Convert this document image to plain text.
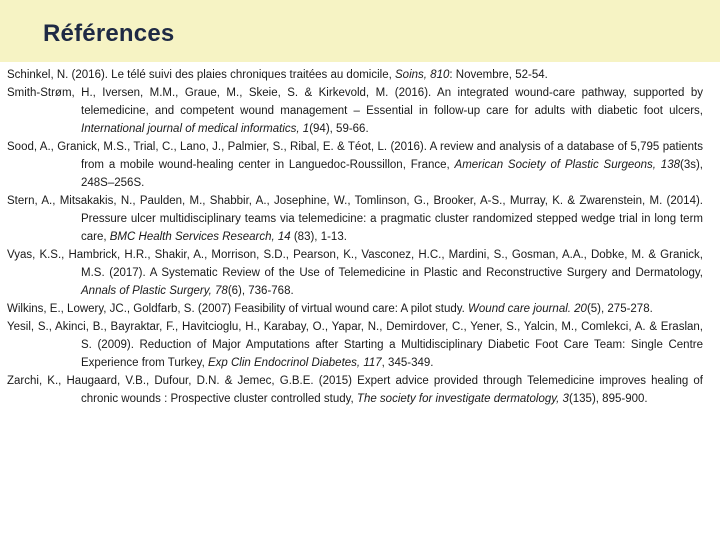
Références

Schinkel, N. (2016). Le télé suivi des plaies chroniques traitées au domicile, Soins, 810: Novembre, 52-54.

Smith-Strøm, H., Iversen, M.M., Graue, M., Skeie, S. & Kirkevold, M. (2016). An integrated wound-care pathway, supported by telemedicine, and competent wound management – Essential in follow-up care for adults with diabetic foot ulcers, International journal of medical informatics, 1(94), 59-66.

Sood, A., Granick, M.S., Trial, C., Lano, J., Palmier, S., Ribal, E. & Téot, L. (2016). A review and analysis of a database of 5,795 patients from a mobile wound-healing center in Languedoc-Roussillon, France, American Society of Plastic Surgeons, 138(3s), 248S–256S.

Stern, A., Mitsakakis, N., Paulden, M., Shabbir, A., Josephine, W., Tomlinson, G., Brooker, A-S., Murray, K. & Zwarenstein, M. (2014). Pressure ulcer multidisciplinary teams via telemedicine: a pragmatic cluster randomized stepped wedge trial in long term care, BMC Health Services Research, 14 (83), 1-13.

Vyas, K.S., Hambrick, H.R., Shakir, A., Morrison, S.D., Pearson, K., Vasconez, H.C., Mardini, S., Gosman, A.A., Dobke, M. & Granick, M.S. (2017). A Systematic Review of the Use of Telemedicine in Plastic and Reconstructive Surgery and Dermatology, Annals of Plastic Surgery, 78(6), 736-768.

Wilkins, E., Lowery, JC., Goldfarb, S. (2007) Feasibility of virtual wound care: A pilot study. Wound care journal. 20(5), 275-278.

Yesil, S., Akinci, B., Bayraktar, F., Havitcioglu, H., Karabay, O., Yapar, N., Demirdover, C., Yener, S., Yalcin, M., Comlekci, A. & Eraslan, S. (2009). Reduction of Major Amputations after Starting a Multidisciplinary Diabetic Foot Care Team: Single Centre Experience from Turkey, Exp Clin Endocrinol Diabetes, 117, 345-349.

Zarchi, K., Haugaard, V.B., Dufour, D.N. & Jemec, G.B.E. (2015) Expert advice provided through Telemedicine improves healing of chronic wounds : Prospective cluster controlled study, The society for investigate dermatology, 3(135), 895-900.
